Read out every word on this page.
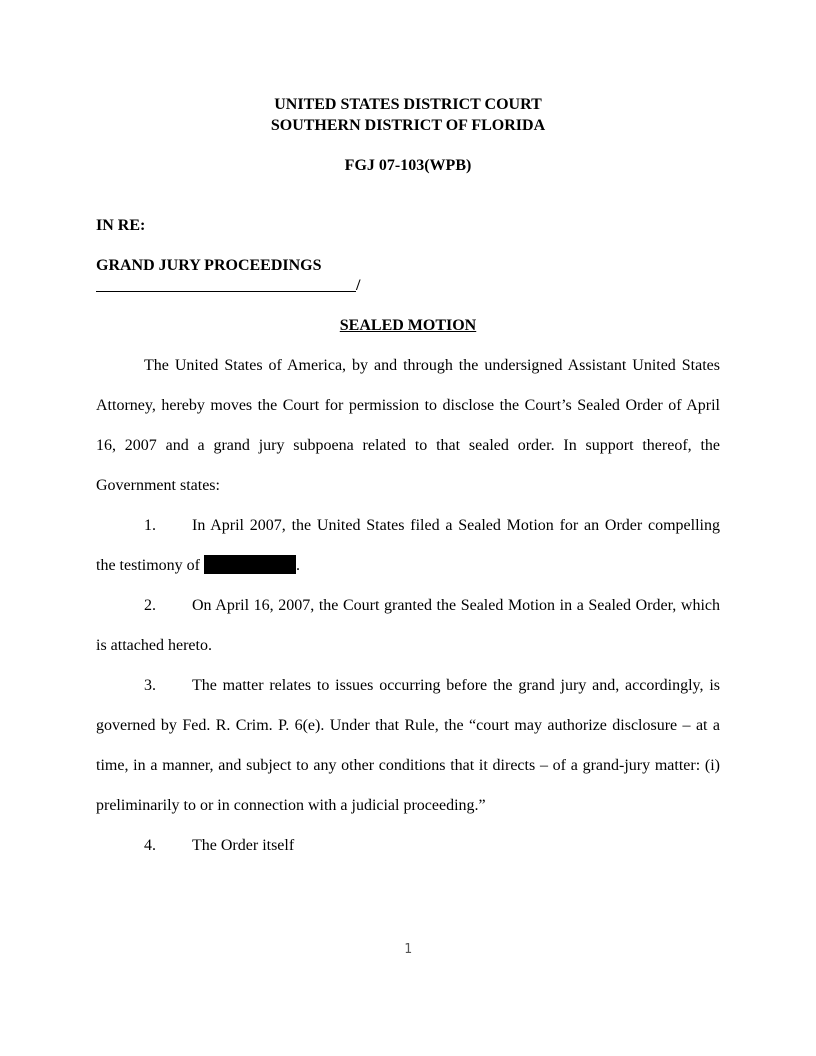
UNITED STATES DISTRICT COURT
SOUTHERN DISTRICT OF FLORIDA
FGJ 07-103(WPB)
IN RE:
GRAND JURY PROCEEDINGS
/
SEALED MOTION

The United States of America, by and through the undersigned Assistant United States Attorney, hereby moves the Court for permission to disclose the Court’s Sealed Order of April 16, 2007 and a grand jury subpoena related to that sealed order. In support thereof, the Government states:

1. In April 2007, the United States filed a Sealed Motion for an Order compelling the testimony of	.

2. On April 16, 2007, the Court granted the Sealed Motion in a Sealed Order, which is attached hereto.

3. The matter relates to issues occurring before the grand jury and, accordingly, is governed by Fed. R. Crim. P. 6(e). Under that Rule, the “court may authorize disclosure – at a time, in a manner, and subject to any other conditions that it directs – of a grand-jury matter: (i) preliminarily to or in connection with a judicial proceeding.”

4. The Order itself

1
